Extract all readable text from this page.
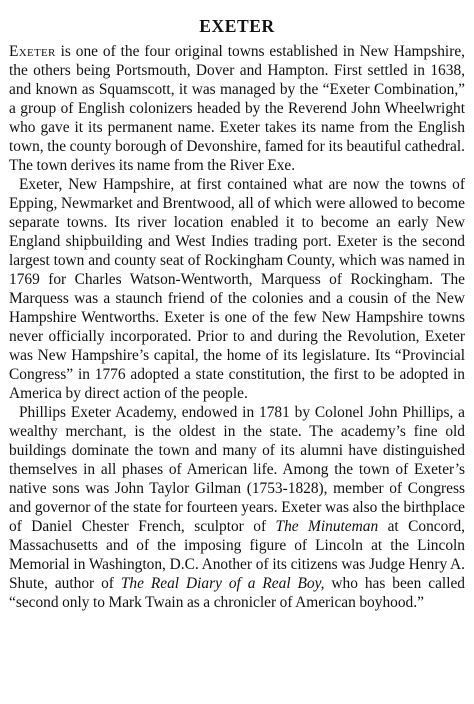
EXETER

Exeter is one of the four original towns established in New Hampshire, the others being Portsmouth, Dover and Hampton. First settled in 1638, and known as Squamscott, it was managed by the “Exeter Combination,” a group of English colonizers headed by the Reverend John Wheelwright who gave it its permanent name. Exeter takes its name from the English town, the county borough of Devonshire, famed for its beautiful cathedral. The town derives its name from the River Exe.

Exeter, New Hampshire, at first contained what are now the towns of Epping, Newmarket and Brentwood, all of which were allowed to become separate towns. Its river location enabled it to become an early New England shipbuilding and West Indies trading port. Exeter is the second largest town and county seat of Rockingham County, which was named in 1769 for Charles Watson-Wentworth, Marquess of Rockingham. The Marquess was a staunch friend of the colonies and a cousin of the New Hampshire Wentworths. Exeter is one of the few New Hampshire towns never officially incorporated. Prior to and during the Revolution, Exeter was New Hampshire’s capital, the home of its legislature. Its “Provincial Congress” in 1776 adopted a state constitution, the first to be adopted in America by direct action of the people.

Phillips Exeter Academy, endowed in 1781 by Colonel John Phillips, a wealthy merchant, is the oldest in the state. The academy’s fine old buildings dominate the town and many of its alumni have distinguished themselves in all phases of American life. Among the town of Exeter’s native sons was John Taylor Gilman (1753-1828), member of Congress and governor of the state for fourteen years. Exeter was also the birthplace of Daniel Chester French, sculptor of The Minuteman at Concord, Massachusetts and of the imposing figure of Lincoln at the Lincoln Memorial in Washington, D.C. Another of its citizens was Judge Henry A. Shute, author of The Real Diary of a Real Boy, who has been called “second only to Mark Twain as a chronicler of American boyhood.”
